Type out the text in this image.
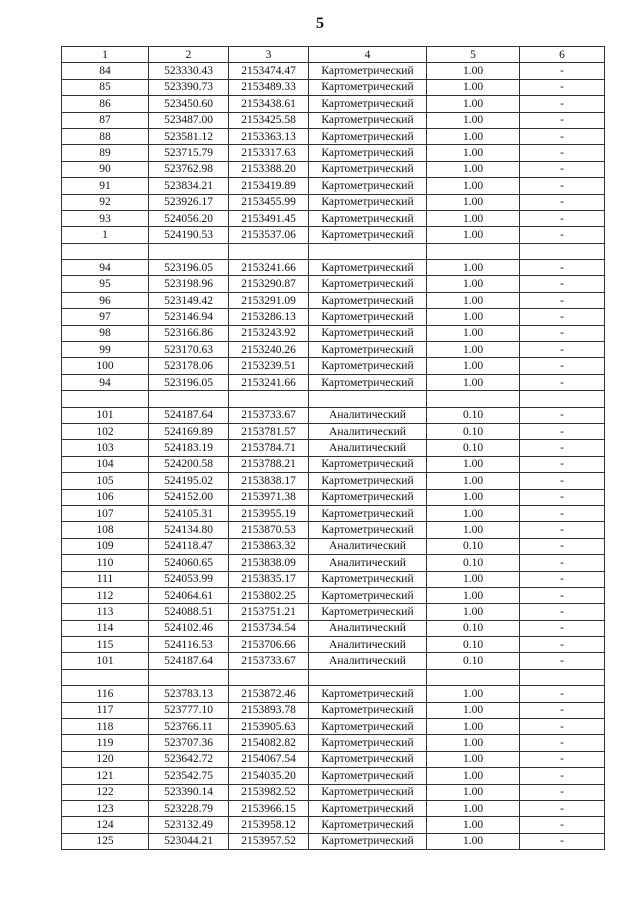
5
1	2	3	4	5	6
84	523330.43	2153474.47	Картометрический	1.00	-
85	523390.73	2153489.33	Картометрический	1.00	-
86	523450.60	2153438.61	Картометрический	1.00	-
87	523487.00	2153425.58	Картометрический	1.00	-
88	523581.12	2153363.13	Картометрический	1.00	-
89	523715.79	2153317.63	Картометрический	1.00	-
90	523762.98	2153388.20	Картометрический	1.00	-
91	523834.21	2153419.89	Картометрический	1.00	-
92	523926.17	2153455.99	Картометрический	1.00	-
93	524056.20	2153491.45	Картометрический	1.00	-
1	524190.53	2153537.06	Картометрический	1.00	-

94	523196.05	2153241.66	Картометрический	1.00	-
95	523198.96	2153290.87	Картометрический	1.00	-
96	523149.42	2153291.09	Картометрический	1.00	-
97	523146.94	2153286.13	Картометрический	1.00	-
98	523166.86	2153243.92	Картометрический	1.00	-
99	523170.63	2153240.26	Картометрический	1.00	-
100	523178.06	2153239.51	Картометрический	1.00	-
94	523196.05	2153241.66	Картометрический	1.00	-

101	524187.64	2153733.67	Аналитический	0.10	-
102	524169.89	2153781.57	Аналитический	0.10	-
103	524183.19	2153784.71	Аналитический	0.10	-
104	524200.58	2153788.21	Картометрический	1.00	-
105	524195.02	2153838.17	Картометрический	1.00	-
106	524152.00	2153971.38	Картометрический	1.00	-
107	524105.31	2153955.19	Картометрический	1.00	-
108	524134.80	2153870.53	Картометрический	1.00	-
109	524118.47	2153863.32	Аналитический	0.10	-
110	524060.65	2153838.09	Аналитический	0.10	-
111	524053.99	2153835.17	Картометрический	1.00	-
112	524064.61	2153802.25	Картометрический	1.00	-
113	524088.51	2153751.21	Картометрический	1.00	-
114	524102.46	2153734.54	Аналитический	0.10	-
115	524116.53	2153706.66	Аналитический	0.10	-
101	524187.64	2153733.67	Аналитический	0.10	-

116	523783.13	2153872.46	Картометрический	1.00	-
117	523777.10	2153893.78	Картометрический	1.00	-
118	523766.11	2153905.63	Картометрический	1.00	-
119	523707.36	2154082.82	Картометрический	1.00	-
120	523642.72	2154067.54	Картометрический	1.00	-
121	523542.75	2154035.20	Картометрический	1.00	-
122	523390.14	2153982.52	Картометрический	1.00	-
123	523228.79	2153966.15	Картометрический	1.00	-
124	523132.49	2153958.12	Картометрический	1.00	-
125	523044.21	2153957.52	Картометрический	1.00	-
